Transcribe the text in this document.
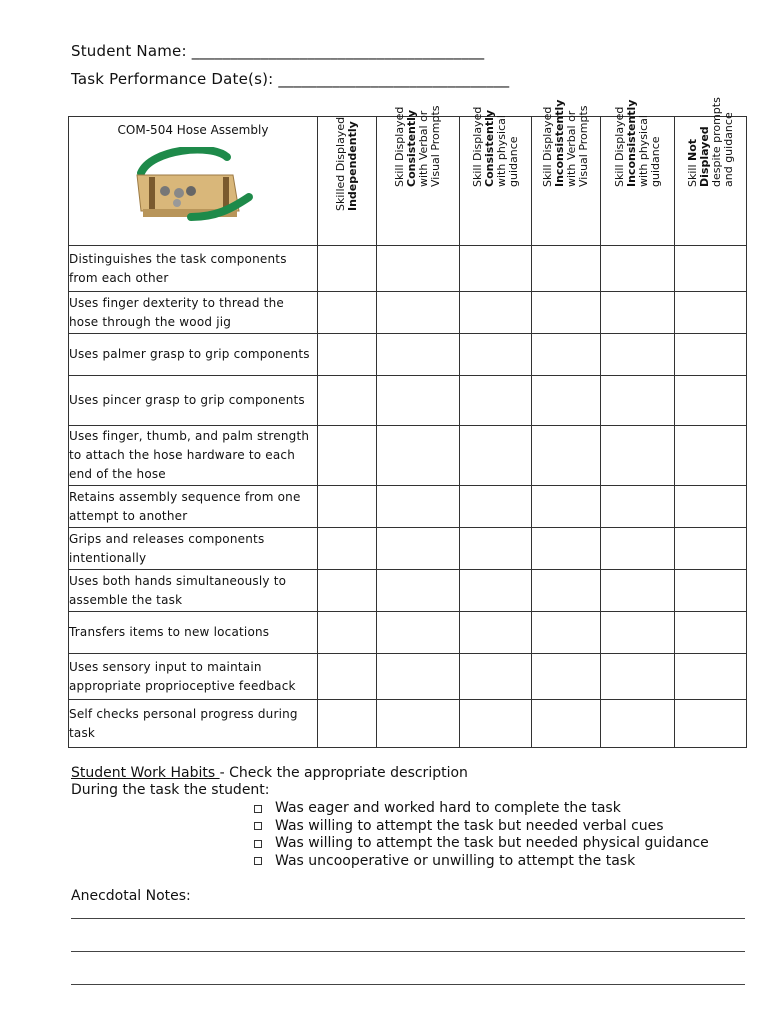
Student Name: ______________________________________
Task Performance Date(s): ______________________________
COM-504 Hose Assembly	Skilled Displayed Independently	Skill Displayed Consistently with Verbal or Visual Prompts	Skill Displayed Consistently with physical guidance	Skill Displayed Inconsistently with Verbal or Visual Prompts	Skill Displayed Inconsistently with physical guidance	Skill Not Displayed despite prompts and guidance

Distinguishes the task components from each other						
Uses finger dexterity to thread the hose through the wood jig						
Uses palmer grasp to grip components						
Uses pincer grasp to grip components						
Uses finger, thumb, and palm strength to attach the hose hardware to each end of the hose						
Retains assembly sequence from one attempt to another						
Grips and releases components intentionally						
Uses both hands simultaneously to assemble the task						
Transfers items to new locations						
Uses sensory input to maintain appropriate proprioceptive feedback						
Self checks personal progress during task						
Student Work Habits - Check the appropriate description
During the task the student:
Was eager and worked hard to complete the task
Was willing to attempt the task but needed verbal cues
Was willing to attempt the task but needed physical guidance
Was uncooperative or unwilling to attempt the task
Anecdotal Notes:
